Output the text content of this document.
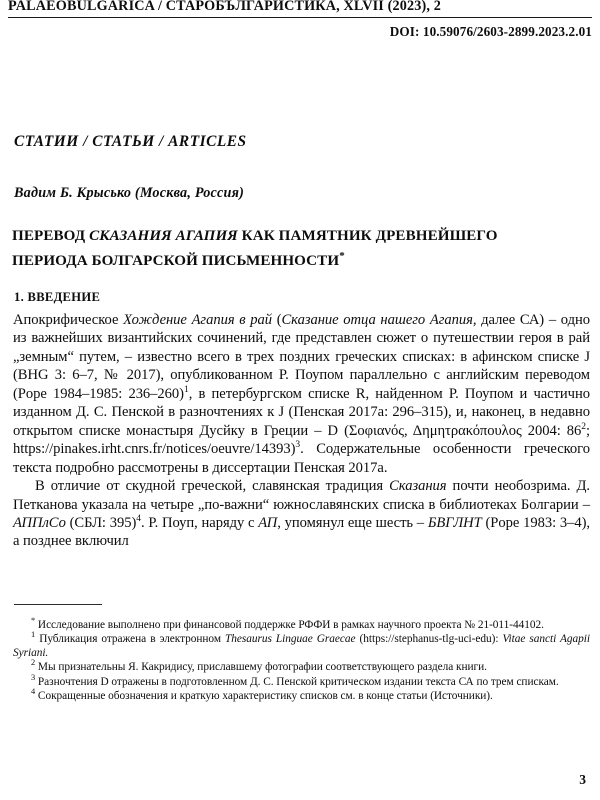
PALAEOBULGARICA / СТАРОБЪЛГАРИСТИКА, XLVII (2023), 2
DOI: 10.59076/2603-2899.2023.2.01
СТАТИИ / СТАТЬИ / ARTICLES
Вадим Б. Крысько (Москва, Россия)
ПЕРЕВОД СКАЗАНИЯ АГАПИЯ КАК ПАМЯТНИК ДРЕВНЕЙШЕГО
ПЕРИОДА БОЛГАРСКОЙ ПИСЬМЕННОСТИ*
1. ВВЕДЕНИЕ

Апокрифическое Хождение Агапия в рай (Сказание отца нашего Агапия, далее СА) – одно из важнейших византийских сочинений, где представлен сюжет о путешествии героя в рай „земным“ путем, – известно всего в трех поздних греческих списках: в афинском списке J (BHG 3: 6–7, № 2017), опубликованном Р. Поупом параллельно с английским переводом (Pope 1984–1985: 236–260)$^1$, в петербургском списке R, найденном Р. Поупом и частично изданном Д. С. Пенской в разночтениях к J (Пенская 2017а: 296–315), и, наконец, в недавно открытом списке монастыря Дусйку в Греции – D (Σοφιανός, Δημητρακόπουλος 2004: $86^2$; https://pinakes.irht.cnrs.fr/notices/oeuvre/14393)$^3$. Содержательные особенности греческого текста подробно рассмотрены в диссертации Пенская 2017а.

В отличие от скудной греческой, славянская традиция Сказания почти необозрима. Д. Петканова указала на четыре „по-важни“ южнославянских списка в библиотеках Болгарии – АППлСо (СБЛ: 395)$^4$. Р. Поуп, наряду с АП, упомянул еще шесть – БВГЛНТ (Pope 1983: 3–4), а позднее включил

* Исследование выполнено при финансовой поддержке РФФИ в рамках научного проекта № 21-011-44102.

$^1$ Публикация отражена в электронном Thesaurus Linguae Graecae (https://stephanus-tlg-uci-edu): Vitae sancti Agapii Syriani.

$^2$ Мы признательны Я. Какридису, приславшему фотографии соответствующего раздела книги.

$^3$ Разночтения D отражены в подготовленном Д. С. Пенской критическом издании текста СА по трем спискам.

$^4$ Сокращенные обозначения и краткую характеристику списков см. в конце статьи (Источники).

3
